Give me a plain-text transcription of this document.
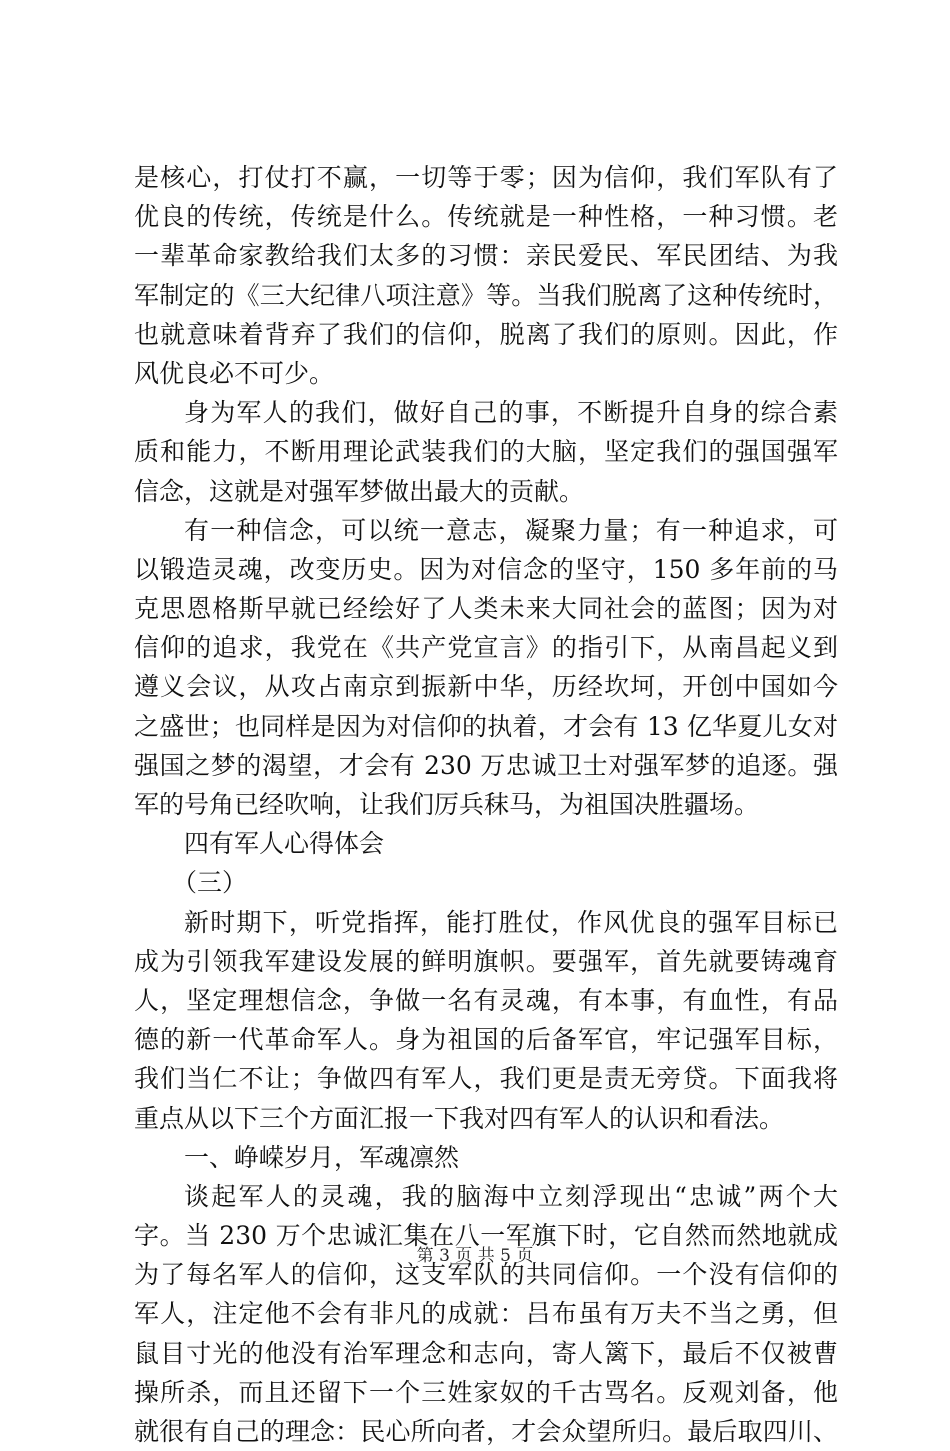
是核心，打仗打不赢，一切等于零；因为信仰，我们军队有了
优良的传统，传统是什么。传统就是一种性格，一种习惯。老
一辈革命家教给我们太多的习惯：亲民爱民、军民团结、为我
军制定的《三大纪律八项注意》等。当我们脱离了这种传统时，
也就意味着背弃了我们的信仰，脱离了我们的原则。因此，作
风优良必不可少。
身为军人的我们，做好自己的事，不断提升自身的综合素
质和能力，不断用理论武装我们的大脑，坚定我们的强国强军
信念，这就是对强军梦做出最大的贡献。
有一种信念，可以统一意志，凝聚力量；有一种追求，可
以锻造灵魂，改变历史。因为对信念的坚守，150 多年前的马
克思恩格斯早就已经绘好了人类未来大同社会的蓝图；因为对
信仰的追求，我党在《共产党宣言》的指引下，从南昌起义到
遵义会议，从攻占南京到振新中华，历经坎坷，开创中国如今
之盛世；也同样是因为对信仰的执着，才会有 13 亿华夏儿女对
强国之梦的渴望，才会有 230 万忠诚卫士对强军梦的追逐。强
军的号角已经吹响，让我们厉兵秣马，为祖国决胜疆场。
四有军人心得体会
（三）
新时期下，听党指挥，能打胜仗，作风优良的强军目标已
成为引领我军建设发展的鲜明旗帜。要强军，首先就要铸魂育
人，坚定理想信念，争做一名有灵魂，有本事，有血性，有品
德的新一代革命军人。身为祖国的后备军官，牢记强军目标，
我们当仁不让；争做四有军人，我们更是责无旁贷。下面我将
重点从以下三个方面汇报一下我对四有军人的认识和看法。
一、峥嵘岁月，军魂凛然
谈起军人的灵魂，我的脑海中立刻浮现出“忠诚”两个大
字。当 230 万个忠诚汇集在八一军旗下时，它自然而然地就成
为了每名军人的信仰，这支军队的共同信仰。一个没有信仰的
军人，注定他不会有非凡的成就：吕布虽有万夫不当之勇，但
鼠目寸光的他没有治军理念和志向，寄人篱下，最后不仅被曹
操所杀，而且还留下一个三姓家奴的千古骂名。反观刘备，他
就很有自己的理念：民心所向者，才会众望所归。最后取四川、
第 3 页 共 5 页
